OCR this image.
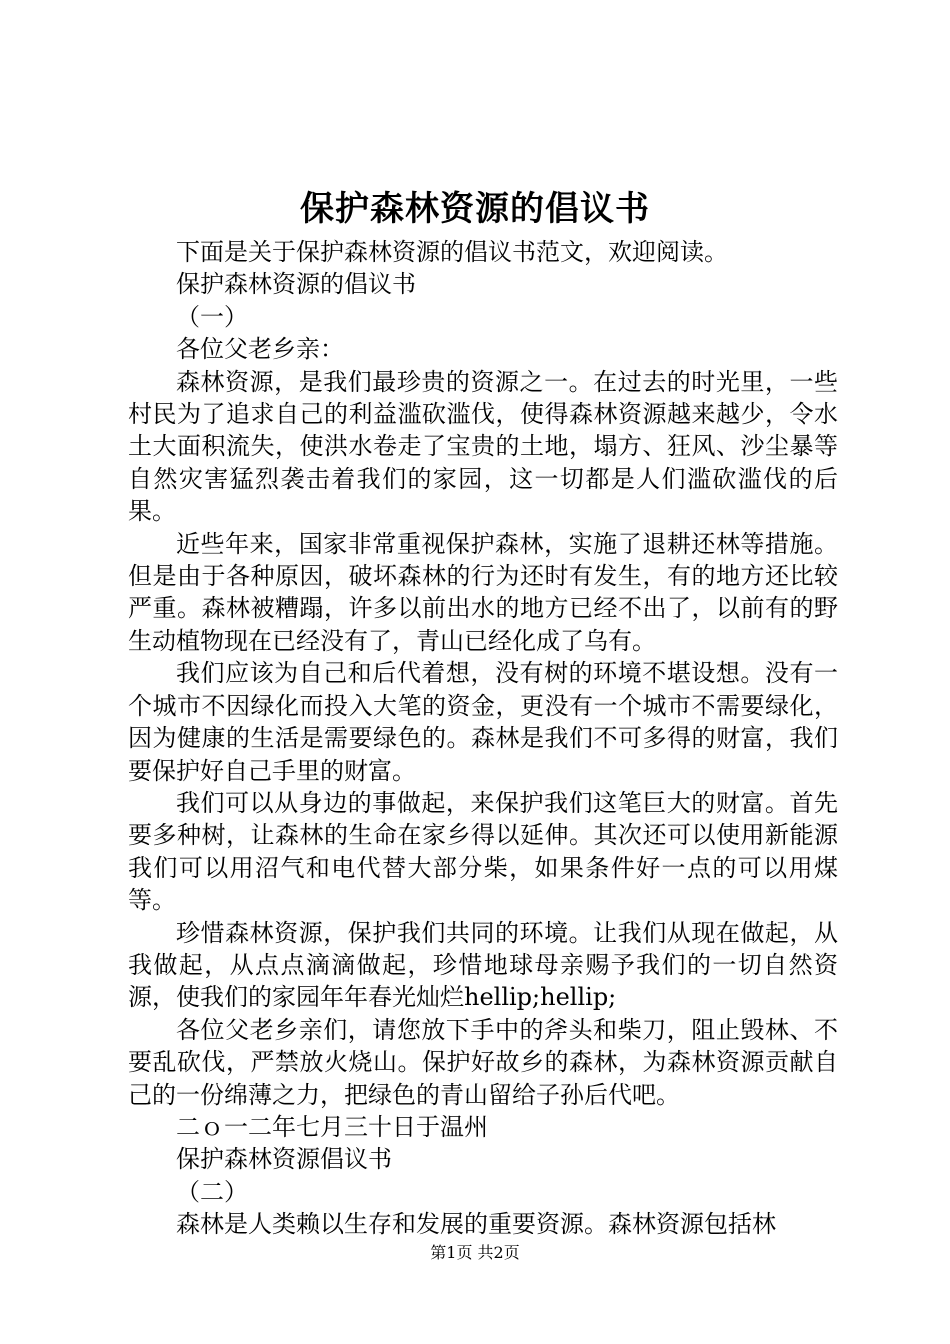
保护森林资源的倡议书

下面是关于保护森林资源的倡议书范文，欢迎阅读。

保护森林资源的倡议书

（一）

各位父老乡亲：

森林资源，是我们最珍贵的资源之一。在过去的时光里，一些村民为了追求自己的利益滥砍滥伐，使得森林资源越来越少，令水土大面积流失，使洪水卷走了宝贵的土地，塌方、狂风、沙尘暴等自然灾害猛烈袭击着我们的家园，这一切都是人们滥砍滥伐的后果。

近些年来，国家非常重视保护森林，实施了退耕还林等措施。但是由于各种原因，破坏森林的行为还时有发生，有的地方还比较严重。森林被糟蹋，许多以前出水的地方已经不出了，以前有的野生动植物现在已经没有了，青山已经化成了乌有。

我们应该为自己和后代着想，没有树的环境不堪设想。没有一个城市不因绿化而投入大笔的资金，更没有一个城市不需要绿化，因为健康的生活是需要绿色的。森林是我们不可多得的财富，我们要保护好自己手里的财富。

我们可以从身边的事做起，来保护我们这笔巨大的财富。首先要多种树，让森林的生命在家乡得以延伸。其次还可以使用新能源我们可以用沼气和电代替大部分柴，如果条件好一点的可以用煤等。

珍惜森林资源，保护我们共同的环境。让我们从现在做起，从我做起，从点点滴滴做起，珍惜地球母亲赐予我们的一切自然资源，使我们的家园年年春光灿烂hellip;hellip;

各位父老乡亲们，请您放下手中的斧头和柴刀，阻止毁林、不要乱砍伐，严禁放火烧山。保护好故乡的森林，为森林资源贡献自己的一份绵薄之力，把绿色的青山留给子孙后代吧。

二ｏ一二年七月三十日于温州

保护森林资源倡议书

（二）

森林是人类赖以生存和发展的重要资源。森林资源包括林

第1页 共2页
